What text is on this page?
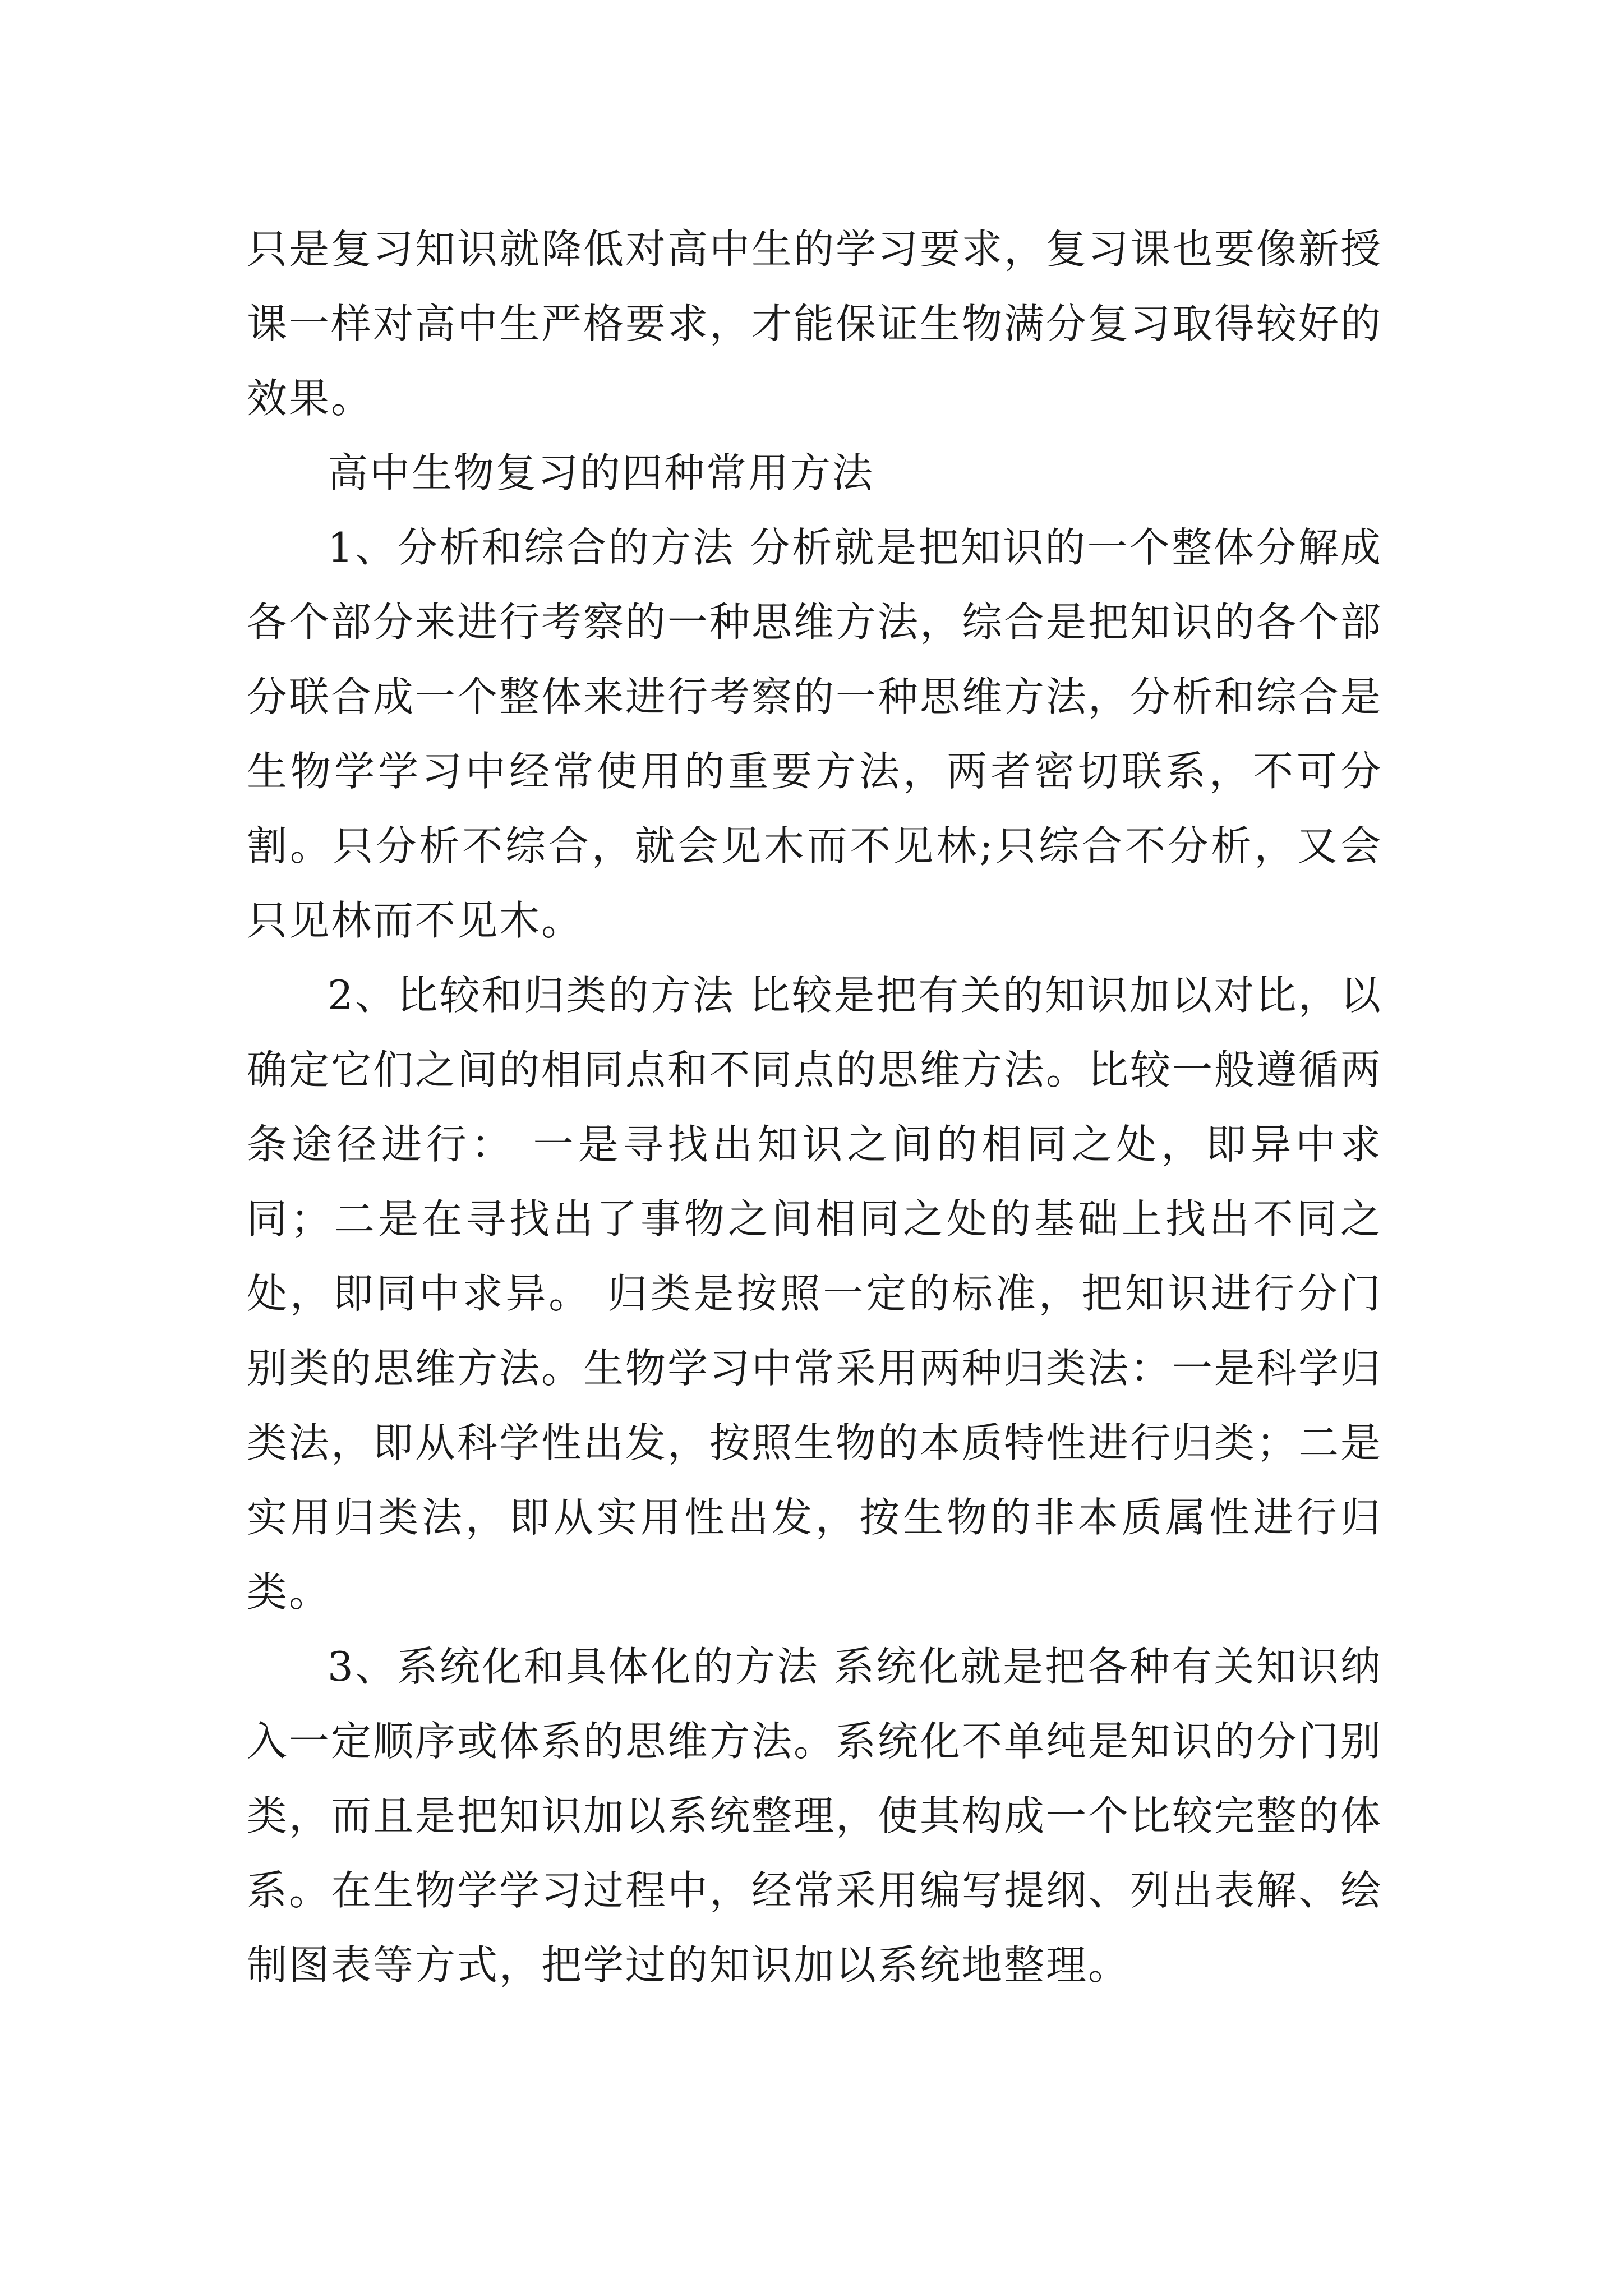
只是复习知识就降低对高中生的学习要求，复习课也要像新授课一样对高中生严格要求，才能保证生物满分复习取得较好的效果。

高中生物复习的四种常用方法

1、分析和综合的方法 分析就是把知识的一个整体分解成各个部分来进行考察的一种思维方法，综合是把知识的各个部分联合成一个整体来进行考察的一种思维方法，分析和综合是生物学学习中经常使用的重要方法，两者密切联系，不可分割。只分析不综合，就会见木而不见林;只综合不分析，又会只见林而不见木。

2、比较和归类的方法 比较是把有关的知识加以对比，以确定它们之间的相同点和不同点的思维方法。比较一般遵循两条途径进行： 一是寻找出知识之间的相同之处，即异中求同；二是在寻找出了事物之间相同之处的基础上找出不同之处，即同中求异。 归类是按照一定的标准，把知识进行分门别类的思维方法。生物学习中常采用两种归类法：一是科学归类法，即从科学性出发，按照生物的本质特性进行归类；二是实用归类法，即从实用性出发，按生物的非本质属性进行归类。

3、系统化和具体化的方法 系统化就是把各种有关知识纳入一定顺序或体系的思维方法。系统化不单纯是知识的分门别类，而且是把知识加以系统整理，使其构成一个比较完整的体系。在生物学学习过程中，经常采用编写提纲、列出表解、绘制图表等方式，把学过的知识加以系统地整理。
